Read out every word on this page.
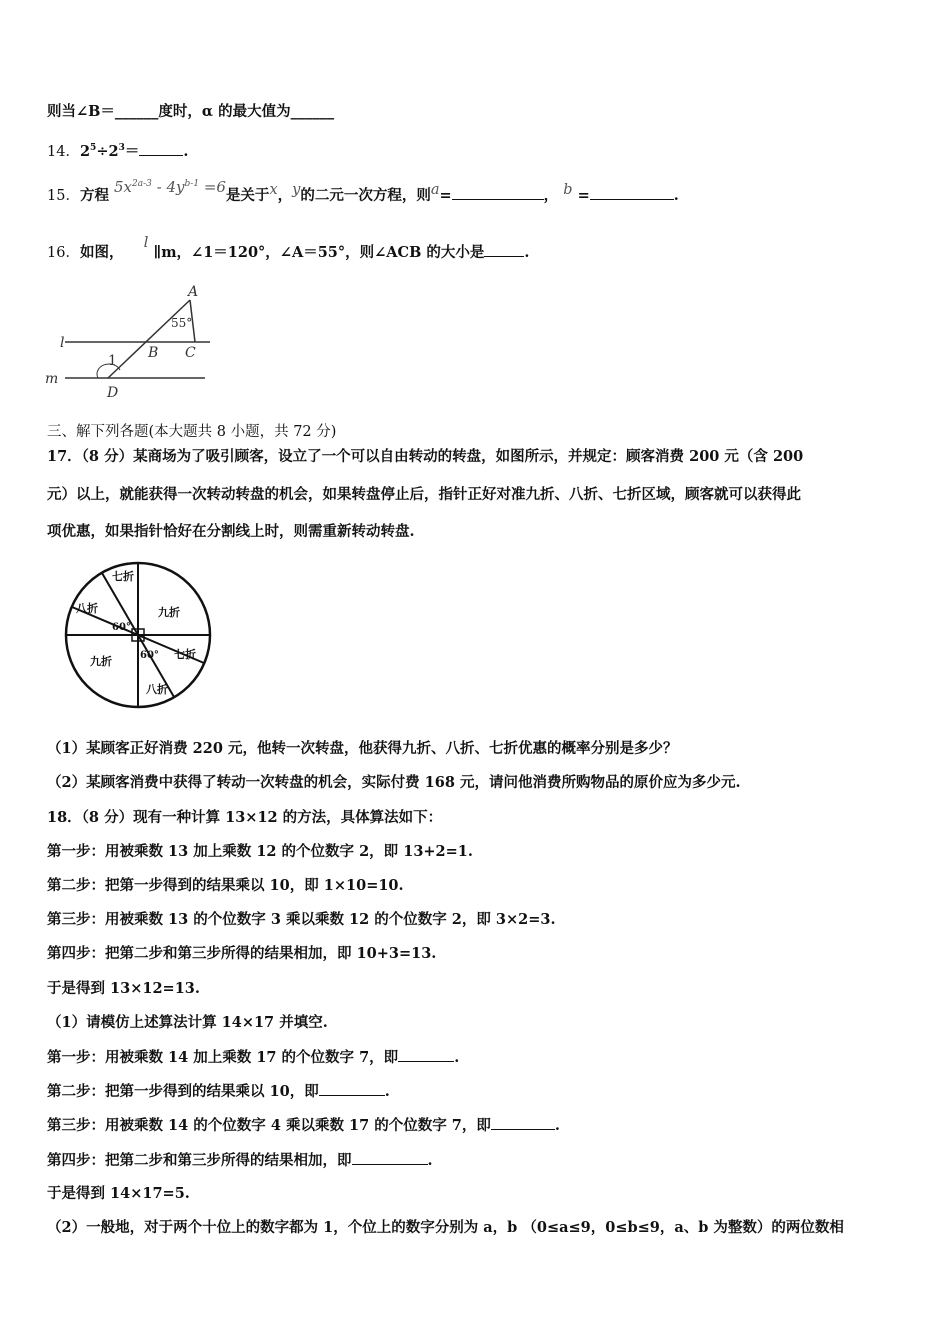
则当∠B＝______度时，α 的最大值为______
14．$2^5\div 2^3=$	.
15．方程 $5x^{2a-3} - 4y^{b-1} =6$是关于x，y的二元一次方程，则a=	， b =	.
16．如图，    l ∥m，∠1＝120°，∠A＝55°，则∠ACB 的大小是	.
A
55°
B C
1
D
l
m
三、解下列各题(本大题共 8 小题，共 72 分)
17．（8 分）某商场为了吸引顾客，设立了一个可以自由转动的转盘，如图所示，并规定：顾客消费 200 元（含 200
元）以上，就能获得一次转动转盘的机会，如果转盘停止后，指针正好对准九折、八折、七折区域，顾客就可以获得此
项优惠，如果指针恰好在分割线上时，则需重新转动转盘.
七折
八折	九折
九折
七折
八折
60°
60°
（1）某顾客正好消费 220 元，他转一次转盘，他获得九折、八折、七折优惠的概率分别是多少？
（2）某顾客消费中获得了转动一次转盘的机会，实际付费 168 元，请问他消费所购物品的原价应为多少元.
18．（8 分）现有一种计算 13×12 的方法，具体算法如下：
第一步：用被乘数 13 加上乘数 12 的个位数字 2，即 13+2=1.
第二步：把第一步得到的结果乘以 10，即 1×10=10.
第三步：用被乘数 13 的个位数字 3 乘以乘数 12 的个位数字 2，即 3×2=3.
第四步：把第二步和第三步所得的结果相加，即 10+3=13.
于是得到 13×12=13.
（1）请模仿上述算法计算 14×17 并填空.
第一步：用被乘数 14 加上乘数 17 的个位数字 7，即	.
第二步：把第一步得到的结果乘以 10，即	.
第三步：用被乘数 14 的个位数字 4 乘以乘数 17 的个位数字 7，即	.
第四步：把第二步和第三步所得的结果相加，即	.
于是得到 14×17=5.
（2）一般地，对于两个十位上的数字都为 1，个位上的数字分别为 a，b （0≤a≤9，0≤b≤9，a、b 为整数）的两位数相
